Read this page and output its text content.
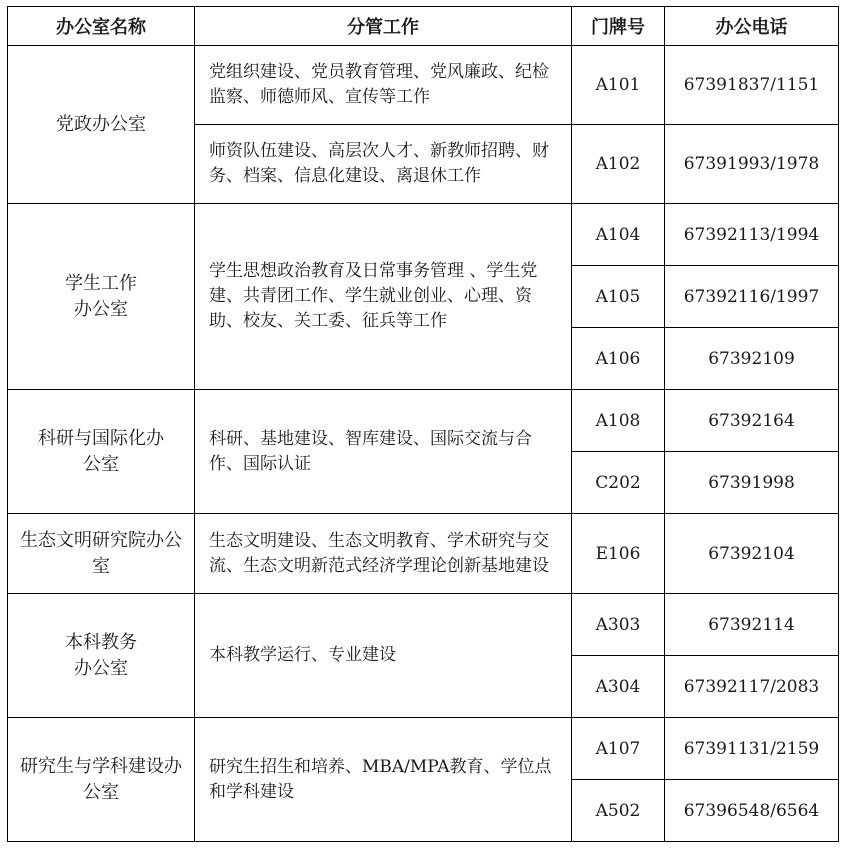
办公室名称	分管工作	门牌号	办公电话
党政办公室	党组织建设、党员教育管理、党风廉政、纪检监察、师德师风、宣传等工作	A101	67391837/1151
	师资队伍建设、高层次人才、新教师招聘、财务、档案、信息化建设、离退休工作	A102	67391993/1978
学生工作办公室	学生思想政治教育及日常事务管理 、学生党建、共青团工作、学生就业创业、心理、资助、校友、关工委、征兵等工作	A104	67392113/1994
		A105	67392116/1997
		A106	67392109
科研与国际化办公室	科研、基地建设、智库建设、国际交流与合作、国际认证	A108	67392164
		C202	67391998
生态文明研究院办公室	生态文明建设、生态文明教育、学术研究与交流、生态文明新范式经济学理论创新基地建设	E106	67392104
本科教务办公室	本科教学运行、专业建设	A303	67392114
		A304	67392117/2083
研究生与学科建设办公室	研究生招生和培养、MBA/MPA教育、学位点和学科建设	A107	67391131/2159
		A502	67396548/6564
